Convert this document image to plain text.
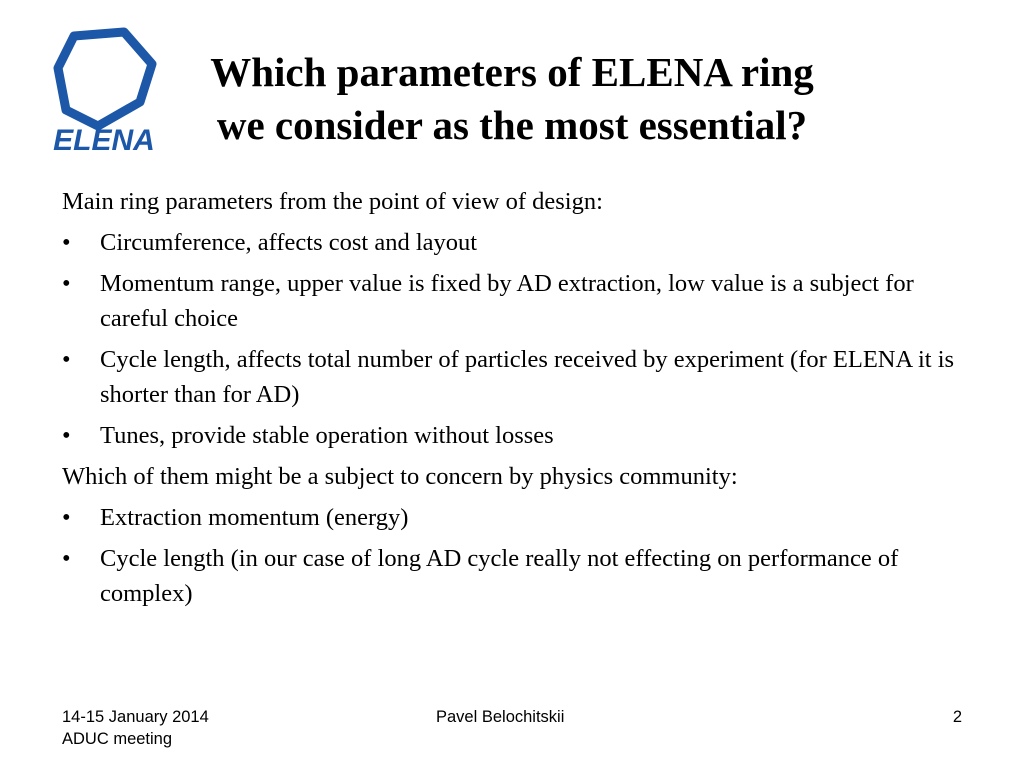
ELENA
Which parameters of ELENA ring
we consider as the most essential?
Main ring parameters from the point of view of design:
• Circumference, affects cost and layout
• Momentum range, upper value is fixed by AD extraction, low value is a subject for careful choice
• Cycle length, affects total number of particles received by experiment (for ELENA it is shorter than for AD)
• Tunes, provide stable operation without losses
Which of them might be a subject to concern by physics community:
• Extraction momentum (energy)
• Cycle length (in our case of long AD cycle really not effecting on performance of complex)
14-15 January 2014
ADUC meeting
Pavel Belochitskii	2
